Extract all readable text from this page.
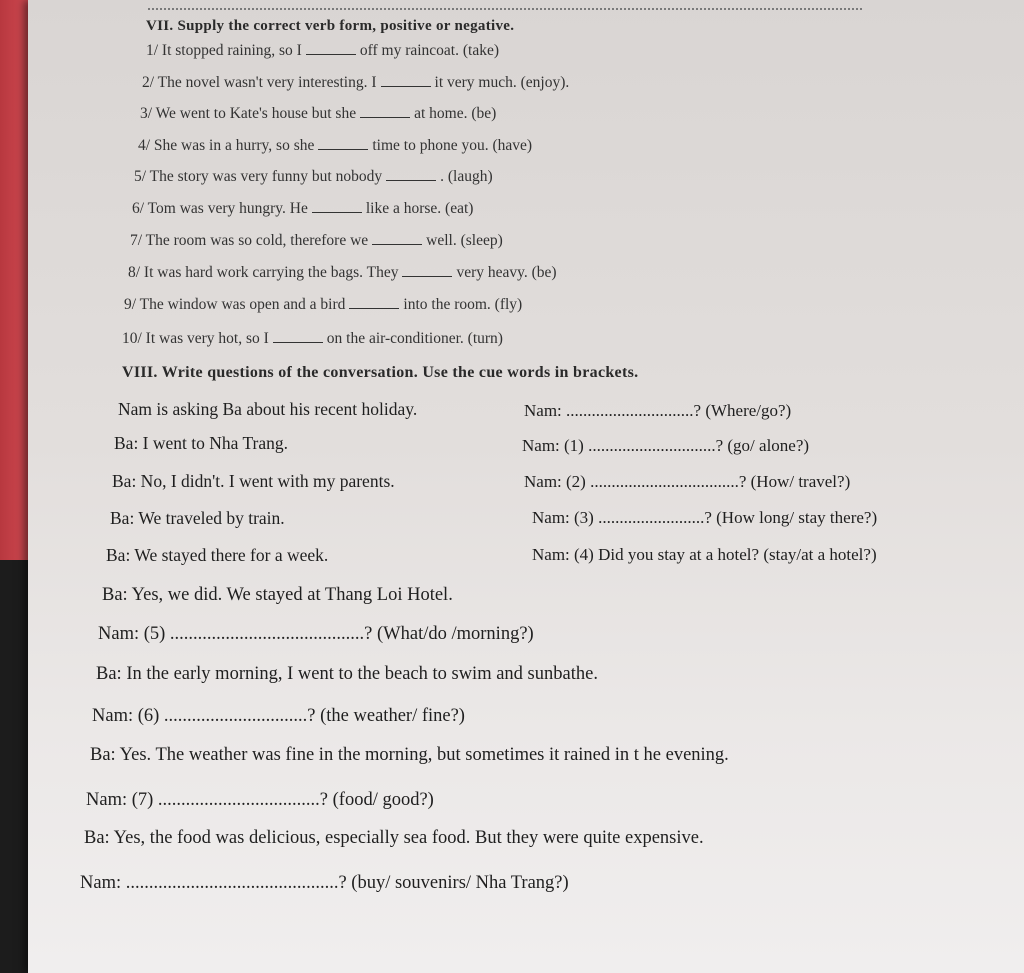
VII. Supply the correct verb form, positive or negative.
1/ It stopped raining, so I	off my raincoat. (take)
2/ The novel wasn't very interesting. I	it very much. (enjoy).
3/ We went to Kate's house but she	at home. (be)
4/ She was in a hurry, so she	time to phone you. (have)
5/ The story was very funny but nobody	. (laugh)
6/ Tom was very hungry. He	like a horse. (eat)
7/ The room was so cold, therefore we	well. (sleep)
8/ It was hard work carrying the bags. They	very heavy. (be)
9/ The window was open and a bird	into the room. (fly)
10/ It was very hot, so I	on the air-conditioner. (turn)
VIII. Write questions of the conversation. Use the cue words in brackets.
Nam is asking Ba about his recent holiday.	Nam: ..............................? (Where/go?)
Ba: I went to Nha Trang.	Nam: (1) ..............................? (go/ alone?)
Ba: No, I didn't. I went with my parents.	Nam: (2) ...................................? (How/ travel?)
Ba: We traveled by train.	Nam: (3) .........................? (How long/ stay there?)
Ba: We stayed there for a week.	Nam: (4) Did you stay at a hotel? (stay/at a hotel?)
Ba: Yes, we did. We stayed at Thang Loi Hotel.
Nam: (5) ..........................................? (What/do /morning?)
Ba: In the early morning, I went to the beach to swim and sunbathe.
Nam: (6) ...............................? (the weather/ fine?)
Ba: Yes. The weather was fine in the morning, but sometimes it rained in t he evening.
Nam: (7) ...................................? (food/ good?)
Ba: Yes, the food was delicious, especially sea food. But they were quite expensive.
Nam: ..............................................? (buy/ souvenirs/ Nha Trang?)
